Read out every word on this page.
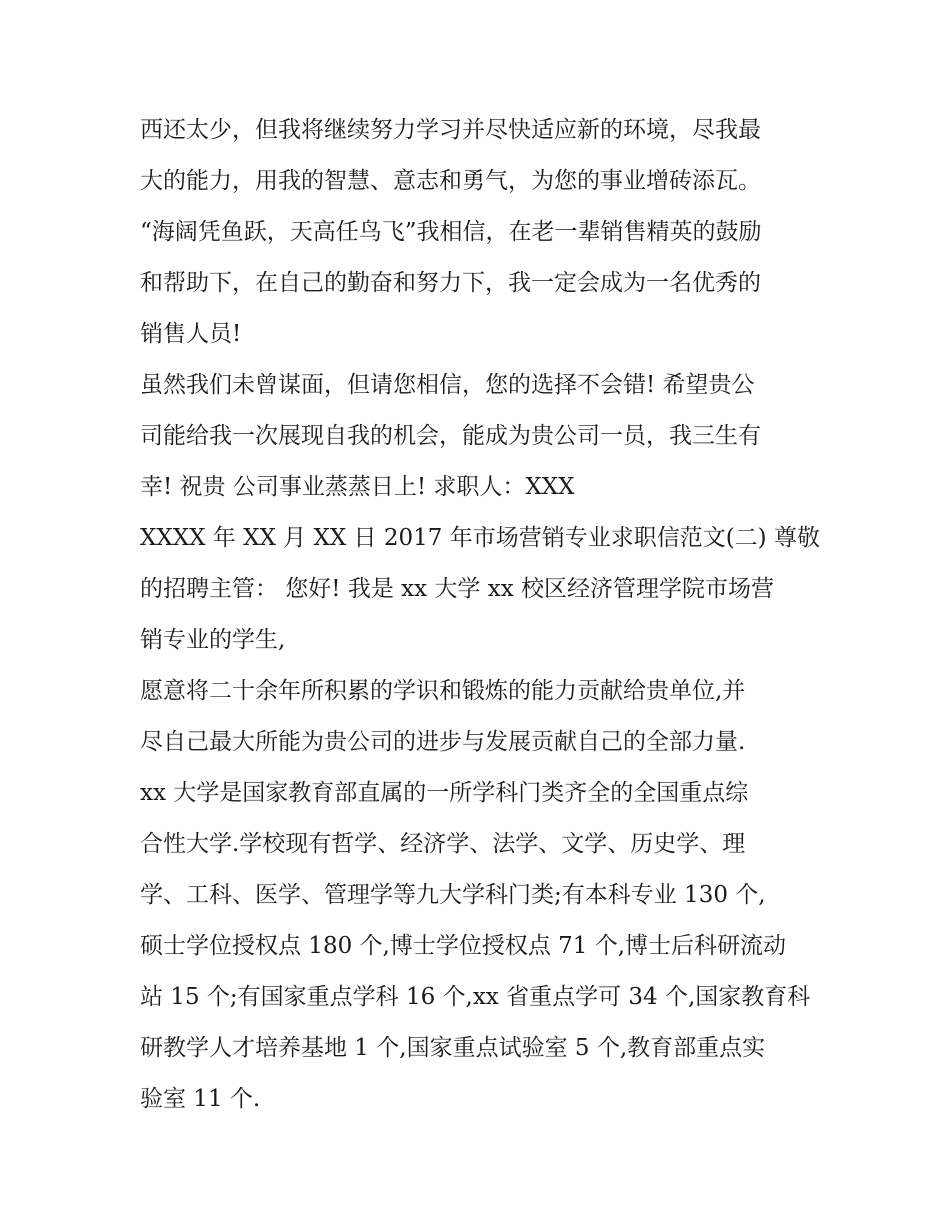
西还太少，但我将继续努力学习并尽快适应新的环境，尽我最
大的能力，用我的智慧、意志和勇气，为您的事业增砖添瓦。
“海阔凭鱼跃，天高任鸟飞”我相信，在老一辈销售精英的鼓励
和帮助下，在自己的勤奋和努力下，我一定会成为一名优秀的
销售人员!
虽然我们未曾谋面，但请您相信，您的选择不会错! 希望贵公
司能给我一次展现自我的机会，能成为贵公司一员，我三生有
幸! 祝贵 公司事业蒸蒸日上! 求职人：XXX
XXXX 年 XX 月 XX 日 2017 年市场营销专业求职信范文(二) 尊敬
的招聘主管： 您好! 我是 xx 大学 xx 校区经济管理学院市场营
销专业的学生,
愿意将二十余年所积累的学识和锻炼的能力贡献给贵单位,并
尽自己最大所能为贵公司的进步与发展贡献自己的全部力量.
xx 大学是国家教育部直属的一所学科门类齐全的全国重点综
合性大学.学校现有哲学、经济学、法学、文学、历史学、理
学、工科、医学、管理学等九大学科门类;有本科专业 130 个,
硕士学位授权点 180 个,博士学位授权点 71 个,博士后科研流动
站 15 个;有国家重点学科 16 个,xx 省重点学可 34 个,国家教育科
研教学人才培养基地 1 个,国家重点试验室 5 个,教育部重点实
验室 11 个.
